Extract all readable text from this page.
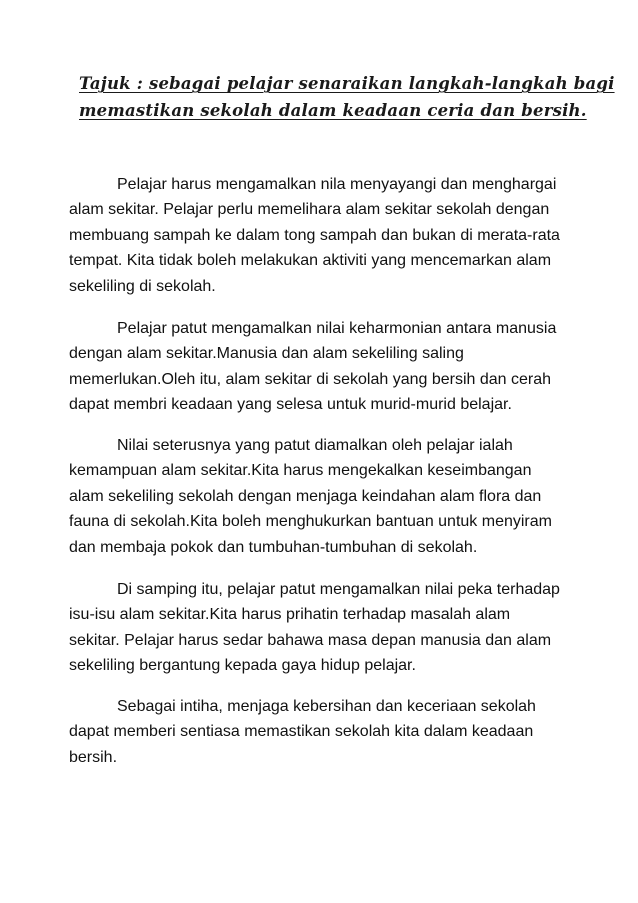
Tajuk : sebagai pelajar senaraikan langkah-langkah bagi
memastikan sekolah dalam keadaan ceria dan bersih.

Pelajar harus mengamalkan nila menyayangi dan menghargai
alam sekitar. Pelajar perlu memelihara alam sekitar sekolah dengan
membuang sampah ke dalam tong sampah dan bukan di merata-rata
tempat. Kita tidak boleh melakukan aktiviti yang mencemarkan alam
sekeliling di sekolah.

Pelajar patut mengamalkan nilai keharmonian antara manusia
dengan alam sekitar.Manusia dan alam sekeliling saling
memerlukan.Oleh itu, alam sekitar di sekolah yang bersih dan cerah
dapat membri keadaan yang selesa untuk murid-murid belajar.

Nilai seterusnya yang patut diamalkan oleh pelajar ialah
kemampuan alam sekitar.Kita harus mengekalkan keseimbangan
alam sekeliling sekolah dengan menjaga keindahan alam flora dan
fauna di sekolah.Kita boleh menghukurkan bantuan untuk menyiram
dan membaja pokok dan tumbuhan-tumbuhan di sekolah.

Di samping itu, pelajar patut mengamalkan nilai peka terhadap
isu-isu alam sekitar.Kita harus prihatin terhadap masalah alam
sekitar. Pelajar harus sedar bahawa masa depan manusia dan alam
sekeliling bergantung kepada gaya hidup pelajar.

Sebagai intiha, menjaga kebersihan dan keceriaan sekolah
dapat memberi sentiasa memastikan sekolah kita dalam keadaan
bersih.
